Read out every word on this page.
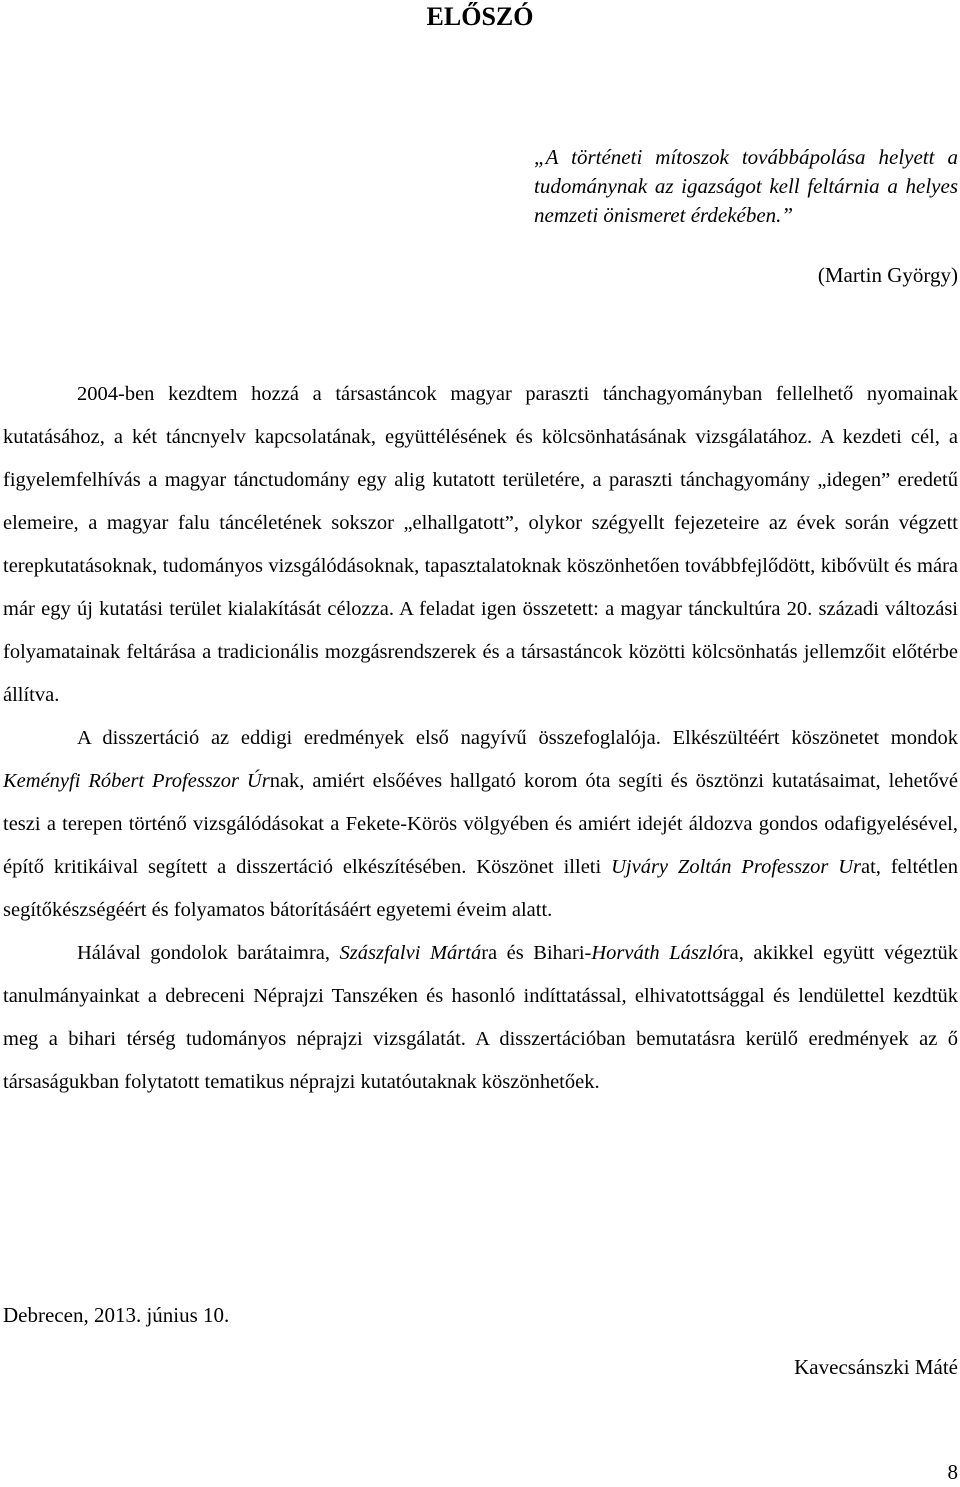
ELŐSZÓ

„A történeti mítoszok továbbápolása helyett a tudománynak az igazságot kell feltárnia a helyes nemzeti önismeret érdekében.”

(Martin György)

2004-ben kezdtem hozzá a társastáncok magyar paraszti tánchagyományban fellelhető nyomainak kutatásához, a két táncnyelv kapcsolatának, együttélésének és kölcsönhatásának vizsgálatához. A kezdeti cél, a figyelemfelhívás a magyar tánctudomány egy alig kutatott területére, a paraszti tánchagyomány „idegen” eredetű elemeire, a magyar falu táncéletének sokszor „elhallgatott”, olykor szégyellt fejezeteire az évek során végzett terepkutatásoknak, tudományos vizsgálódásoknak, tapasztalatoknak köszönhetően továbbfejlődött, kibővült és mára már egy új kutatási terület kialakítását célozza. A feladat igen összetett: a magyar tánckultúra 20. századi változási folyamatainak feltárása a tradicionális mozgásrendszerek és a társastáncok közötti kölcsönhatás jellemzőit előtérbe állítva.

A disszertáció az eddigi eredmények első nagyívű összefoglalója. Elkészültéért köszönetet mondok Keményfi Róbert Professzor Úrnak, amiért elsőéves hallgató korom óta segíti és ösztönzi kutatásaimat, lehetővé teszi a terepen történő vizsgálódásokat a Fekete-Körös völgyében és amiért idejét áldozva gondos odafigyelésével, építő kritikáival segített a disszertáció elkészítésében. Köszönet illeti Ujváry Zoltán Professzor Urat, feltétlen segítőkészségéért és folyamatos bátorításáért egyetemi éveim alatt.

Hálával gondolok barátaimra, Szászfalvi Mártára és Bihari-Horváth Lászlóra, akikkel együtt végeztük tanulmányainkat a debreceni Néprajzi Tanszéken és hasonló indíttatással, elhivatottsággal és lendülettel kezdtük meg a bihari térség tudományos néprajzi vizsgálatát. A disszertációban bemutatásra kerülő eredmények az ő társaságukban folytatott tematikus néprajzi kutatóutaknak köszönhetőek.

Debrecen, 2013. június 10.

Kavecsánszki Máté

8
